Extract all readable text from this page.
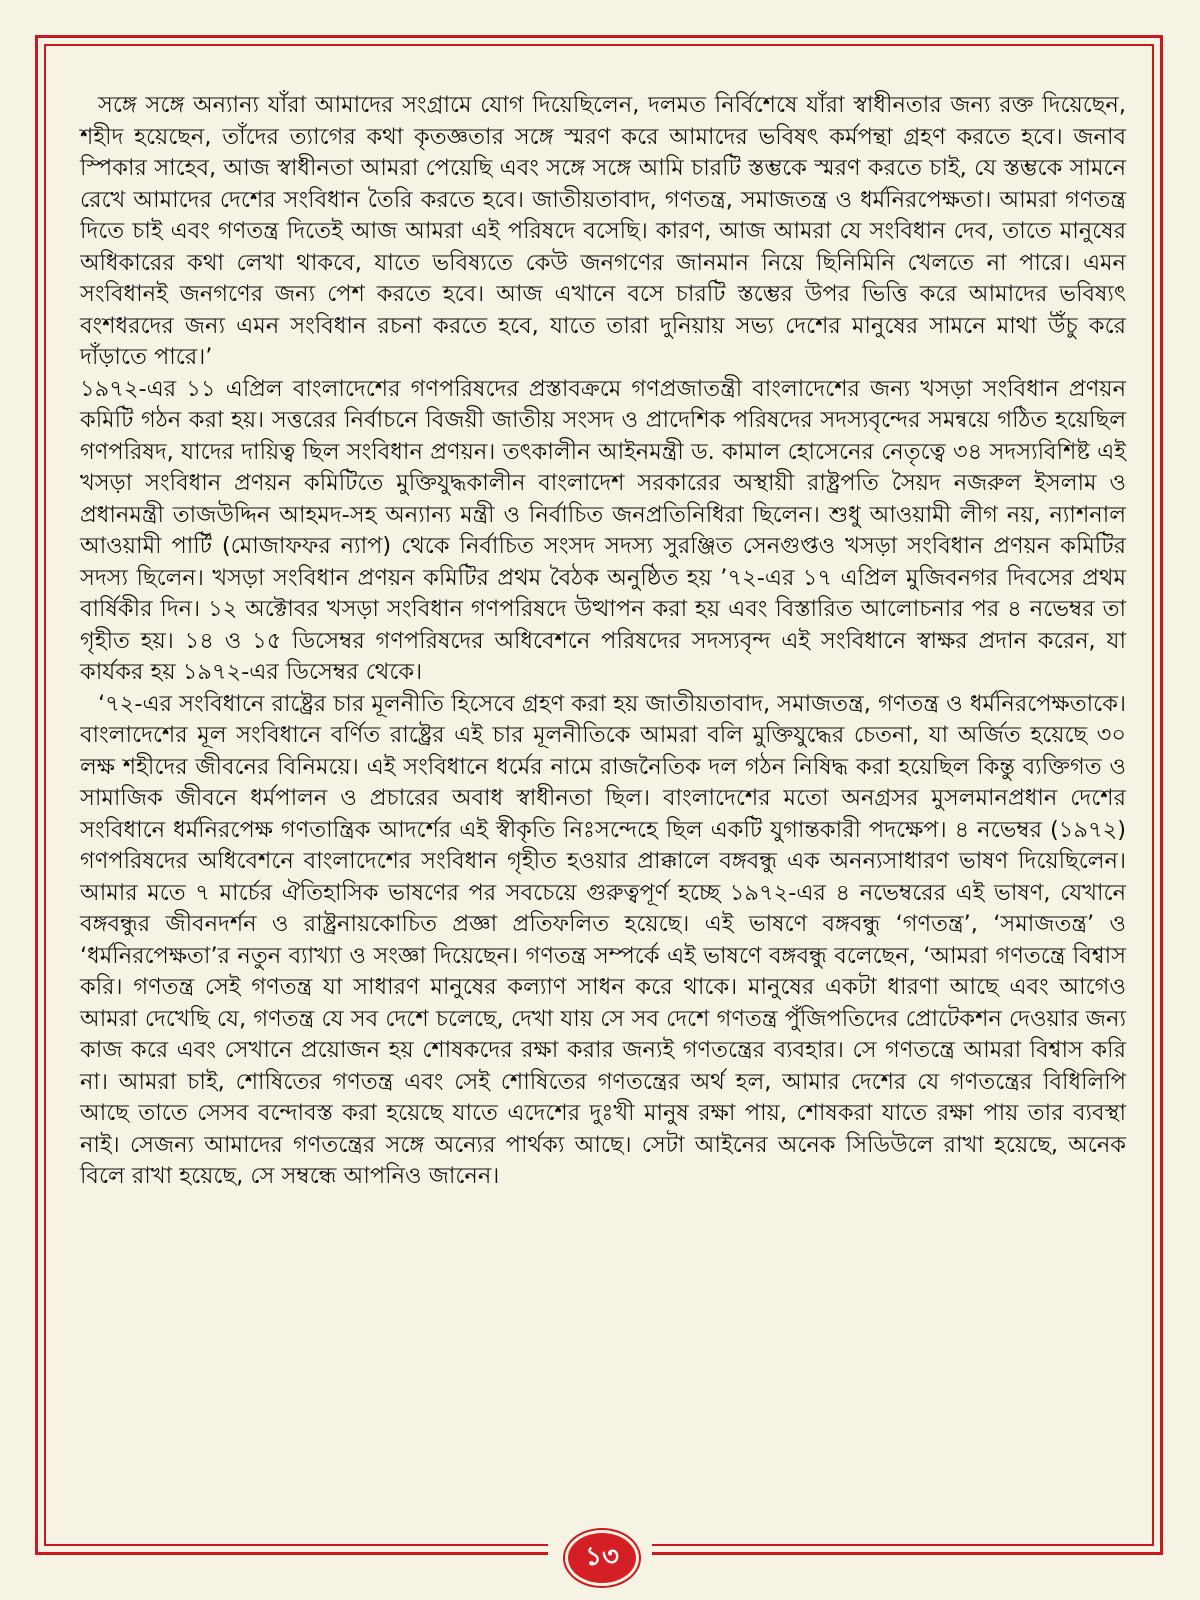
সঙ্গে সঙ্গে অন্যান্য যাঁরা আমাদের সংগ্রামে যোগ দিয়েছিলেন, দলমত নির্বিশেষে যাঁরা স্বাধীনতার জন্য রক্ত দিয়েছেন, শহীদ হয়েছেন, তাঁদের ত্যাগের কথা কৃতজ্ঞতার সঙ্গে স্মরণ করে আমাদের ভবিষৎ কর্মপন্থা গ্রহণ করতে হবে। জনাব স্পিকার সাহেব, আজ স্বাধীনতা আমরা পেয়েছি এবং সঙ্গে সঙ্গে আমি চারটি স্তম্ভকে স্মরণ করতে চাই, যে স্তম্ভকে সামনে রেখে আমাদের দেশের সংবিধান তৈরি করতে হবে। জাতীয়তাবাদ, গণতন্ত্র, সমাজতন্ত্র ও ধর্মনিরপেক্ষতা। আমরা গণতন্ত্র দিতে চাই এবং গণতন্ত্র দিতেই আজ আমরা এই পরিষদে বসেছি। কারণ, আজ আমরা যে সংবিধান দেব, তাতে মানুষের অধিকারের কথা লেখা থাকবে, যাতে ভবিষ্যতে কেউ জনগণের জানমান নিয়ে ছিনিমিনি খেলতে না পারে। এমন সংবিধানই জনগণের জন্য পেশ করতে হবে। আজ এখানে বসে চারটি স্তম্ভের উপর ভিত্তি করে আমাদের ভবিষ্যৎ বংশধরদের জন্য এমন সংবিধান রচনা করতে হবে, যাতে তারা দুনিয়ায় সভ্য দেশের মানুষের সামনে মাথা উঁচু করে দাঁড়াতে পারে।’

১৯৭২-এর ১১ এপ্রিল বাংলাদেশের গণপরিষদের প্রস্তাবক্রমে গণপ্রজাতন্ত্রী বাংলাদেশের জন্য খসড়া সংবিধান প্রণয়ন কমিটি গঠন করা হয়। সত্তরের নির্বাচনে বিজয়ী জাতীয় সংসদ ও প্রাদেশিক পরিষদের সদস্যবৃন্দের সমন্বয়ে গঠিত হয়েছিল গণপরিষদ, যাদের দায়িত্ব ছিল সংবিধান প্রণয়ন। তৎকালীন আইনমন্ত্রী ড. কামাল হোসেনের নেতৃত্বে ৩৪ সদস্যবিশিষ্ট এই খসড়া সংবিধান প্রণয়ন কমিটিতে মুক্তিযুদ্ধকালীন বাংলাদেশ সরকারের অস্থায়ী রাষ্ট্রপতি সৈয়দ নজরুল ইসলাম ও প্রধানমন্ত্রী তাজউদ্দিন আহমদ-সহ অন্যান্য মন্ত্রী ও নির্বাচিত জনপ্রতিনিধিরা ছিলেন। শুধু আওয়ামী লীগ নয়, ন্যাশনাল আওয়ামী পার্টি (মোজাফফর ন্যাপ) থেকে নির্বাচিত সংসদ সদস্য সুরঞ্জিত সেনগুপ্তও খসড়া সংবিধান প্রণয়ন কমিটির সদস্য ছিলেন। খসড়া সংবিধান প্রণয়ন কমিটির প্রথম বৈঠক অনুষ্ঠিত হয় ’৭২-এর ১৭ এপ্রিল মুজিবনগর দিবসের প্রথম বার্ষিকীর দিন। ১২ অক্টোবর খসড়া সংবিধান গণপরিষদে উত্থাপন করা হয় এবং বিস্তারিত আলোচনার পর ৪ নভেম্বর তা গৃহীত হয়। ১৪ ও ১৫ ডিসেম্বর গণপরিষদের অধিবেশনে পরিষদের সদস্যবৃন্দ এই সংবিধানে স্বাক্ষর প্রদান করেন, যা কার্যকর হয় ১৯৭২-এর ডিসেম্বর থেকে।

‘৭২-এর সংবিধানে রাষ্ট্রের চার মূলনীতি হিসেবে গ্রহণ করা হয় জাতীয়তাবাদ, সমাজতন্ত্র, গণতন্ত্র ও ধর্মনিরপেক্ষতাকে। বাংলাদেশের মূল সংবিধানে বর্ণিত রাষ্ট্রের এই চার মূলনীতিকে আমরা বলি মুক্তিযুদ্ধের চেতনা, যা অর্জিত হয়েছে ৩০ লক্ষ শহীদের জীবনের বিনিময়ে। এই সংবিধানে ধর্মের নামে রাজনৈতিক দল গঠন নিষিদ্ধ করা হয়েছিল কিন্তু ব্যক্তিগত ও সামাজিক জীবনে ধর্মপালন ও প্রচারের অবাধ স্বাধীনতা ছিল। বাংলাদেশের মতো অনগ্রসর মুসলমানপ্রধান দেশের সংবিধানে ধর্মনিরপেক্ষ গণতান্ত্রিক আদর্শের এই স্বীকৃতি নিঃসন্দেহে ছিল একটি যুগান্তকারী পদক্ষেপ। ৪ নভেম্বর (১৯৭২) গণপরিষদের অধিবেশনে বাংলাদেশের সংবিধান গৃহীত হওয়ার প্রাক্কালে বঙ্গবন্ধু এক অনন্যসাধারণ ভাষণ দিয়েছিলেন। আমার মতে ৭ মার্চের ঐতিহাসিক ভাষণের পর সবচেয়ে গুরুত্বপূর্ণ হচ্ছে ১৯৭২-এর ৪ নভেম্বরের এই ভাষণ, যেখানে বঙ্গবন্ধুর জীবনদর্শন ও রাষ্ট্রনায়কোচিত প্রজ্ঞা প্রতিফলিত হয়েছে। এই ভাষণে বঙ্গবন্ধু ‘গণতন্ত্র’, ‘সমাজতন্ত্র’ ও ‘ধর্মনিরপেক্ষতা’র নতুন ব্যাখ্যা ও সংজ্ঞা দিয়েছেন। গণতন্ত্র সম্পর্কে এই ভাষণে বঙ্গবন্ধু বলেছেন, ‘আমরা গণতন্ত্রে বিশ্বাস করি। গণতন্ত্র সেই গণতন্ত্র যা সাধারণ মানুষের কল্যাণ সাধন করে থাকে। মানুষের একটা ধারণা আছে এবং আগেও আমরা দেখেছি যে, গণতন্ত্র যে সব দেশে চলেছে, দেখা যায় সে সব দেশে গণতন্ত্র পুঁজিপতিদের প্রোটেকশন দেওয়ার জন্য কাজ করে এবং সেখানে প্রয়োজন হয় শোষকদের রক্ষা করার জন্যই গণতন্ত্রের ব্যবহার। সে গণতন্ত্রে আমরা বিশ্বাস করি না। আমরা চাই, শোষিতের গণতন্ত্র এবং সেই শোষিতের গণতন্ত্রের অর্থ হল, আমার দেশের যে গণতন্ত্রের বিধিলিপি আছে তাতে সেসব বন্দোবস্ত করা হয়েছে যাতে এদেশের দুঃখী মানুষ রক্ষা পায়, শোষকরা যাতে রক্ষা পায় তার ব্যবস্থা নাই। সেজন্য আমাদের গণতন্ত্রের সঙ্গে অন্যের পার্থক্য আছে। সেটা আইনের অনেক সিডিউলে রাখা হয়েছে, অনেক বিলে রাখা হয়েছে, সে সম্বন্ধে আপনিও জানেন।

১৩
